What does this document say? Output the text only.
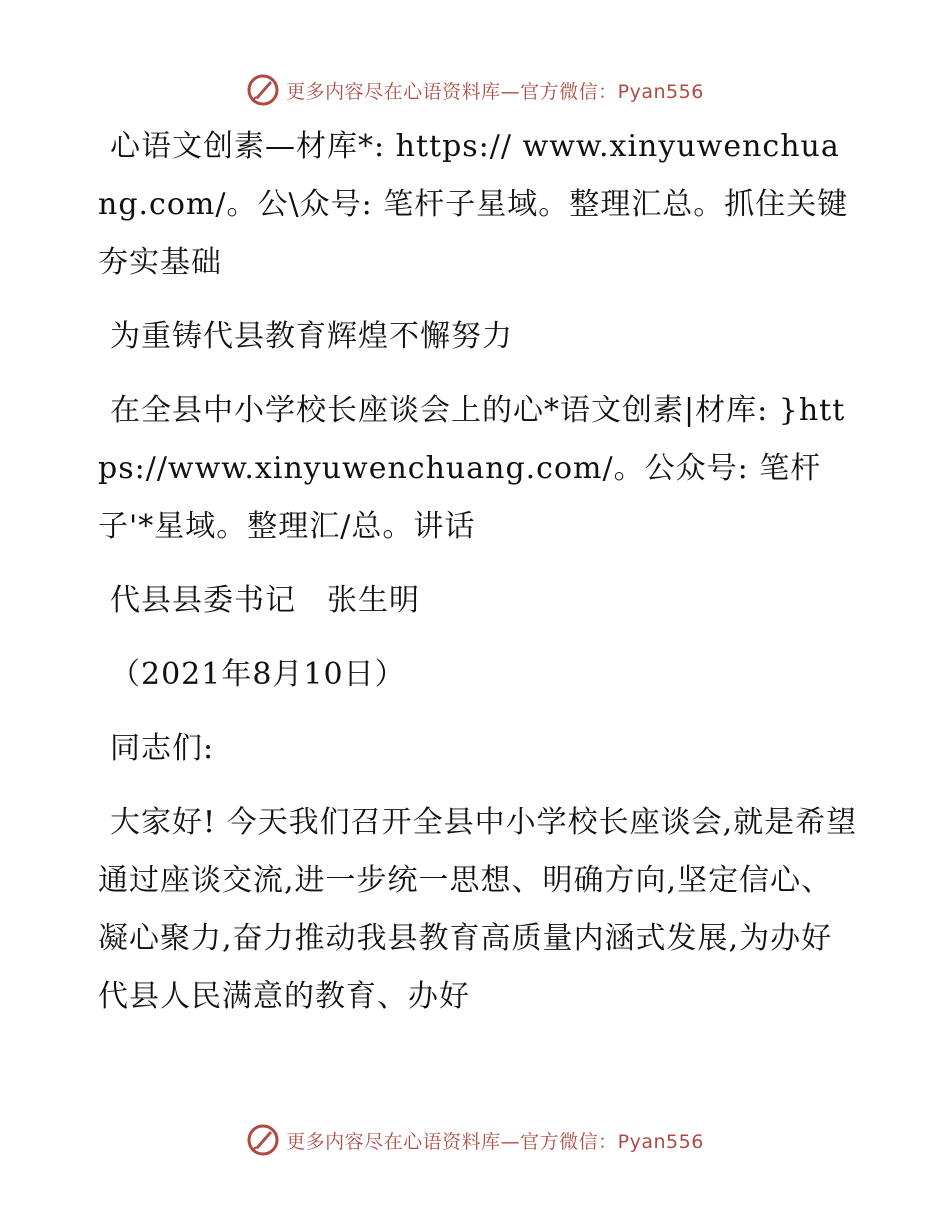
更多内容尽在心语资料库—官方微信：Pyan556

心语文创素—材库*: https:// www.xinyuwenchuang.com/。公\众号: 笔杆子星域。整理汇总。抓住关键夯实基础

为重铸代县教育辉煌不懈努力

在全县中小学校长座谈会上的心*语文创素|材库: }https://www.xinyuwenchuang.com/。公众号: 笔杆子'*星域。整理汇/总。讲话

代县县委书记　张生明

（2021年8月10日）

同志们:

大家好! 今天我们召开全县中小学校长座谈会,就是希望通过座谈交流,进一步统一思想、明确方向,坚定信心、凝心聚力,奋力推动我县教育高质量内涵式发展,为办好代县人民满意的教育、办好

更多内容尽在心语资料库—官方微信：Pyan556
